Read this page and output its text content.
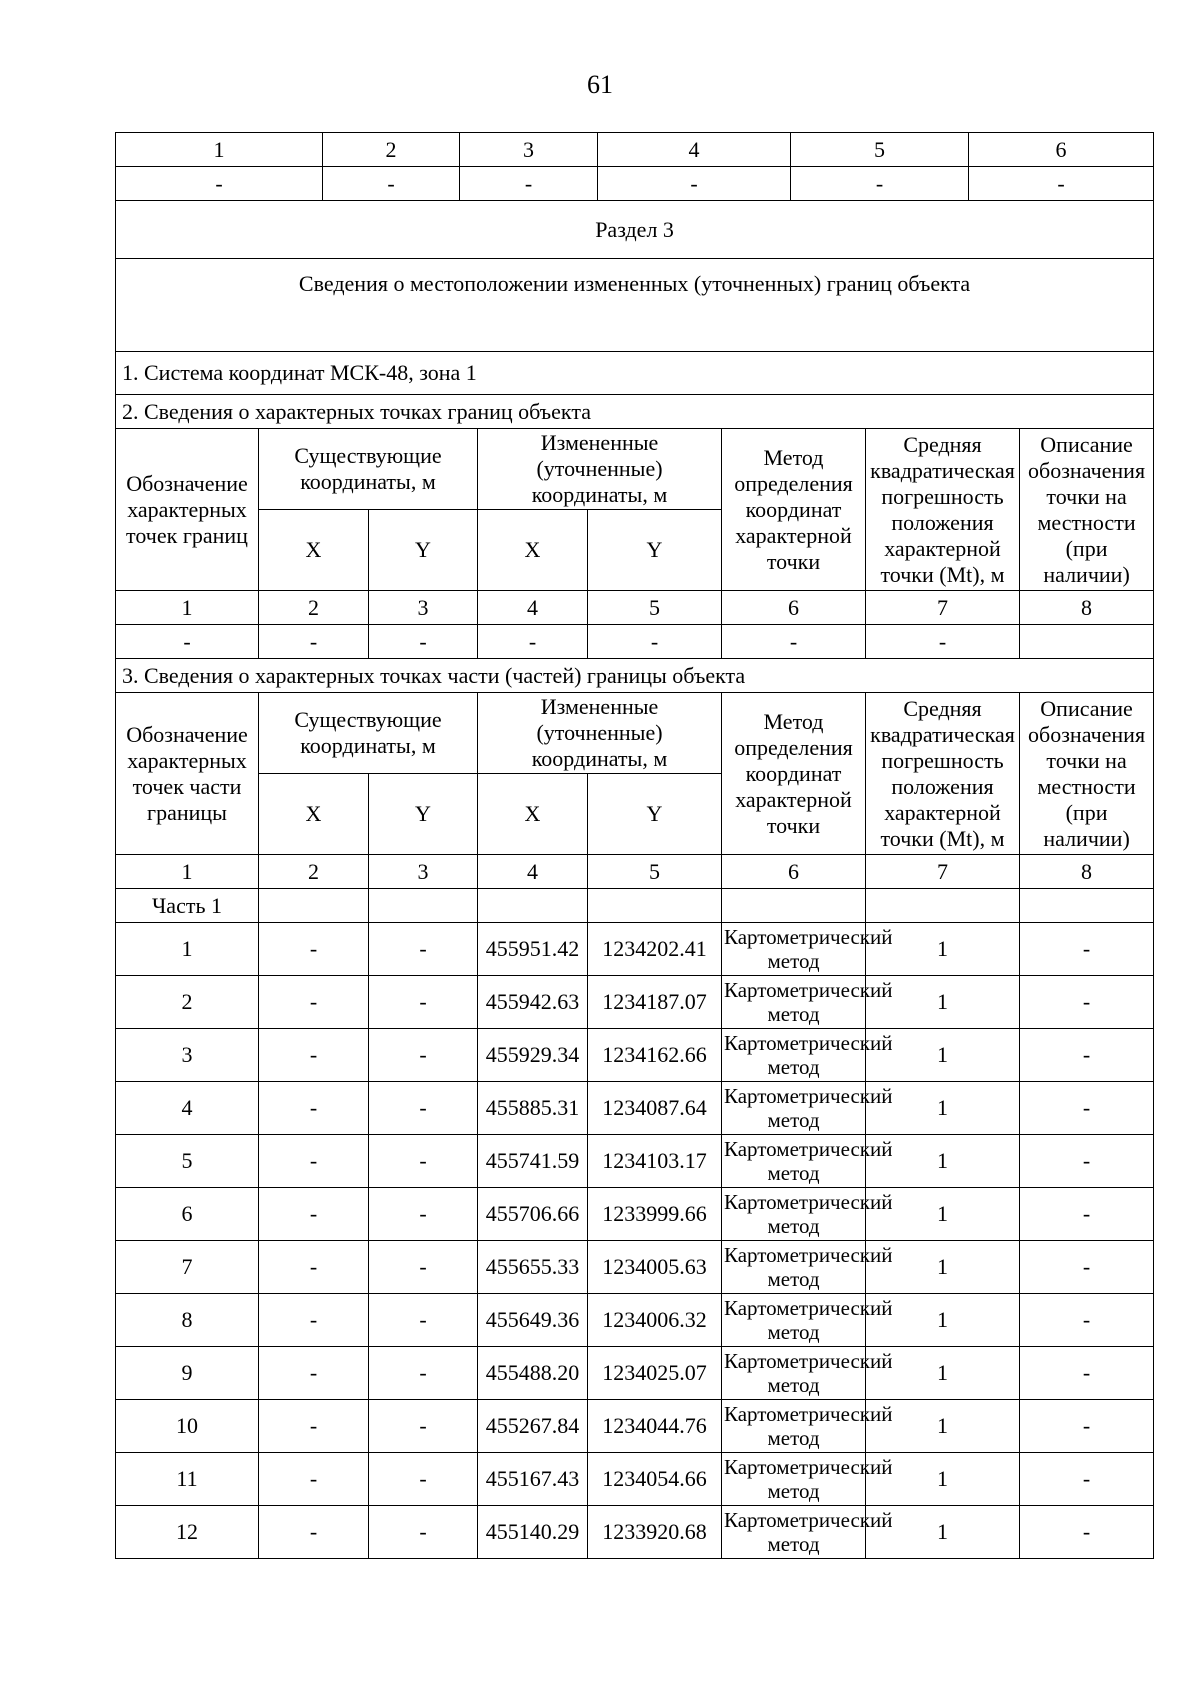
61
1	2	3	4	5	6
-	-	-	-	-	-
Раздел 3							
Сведения о местоположении измененных (уточненных) границ объекта							
1. Система координат МСК-48, зона 1							
2. Сведения о характерных точках границ объекта							
Обозначение характерных точек границ	Существующие координаты, м		Измененные (уточненные) координаты, м		Метод определения координат характерной точки	Средняя квадратическая погрешность положения характерной точки (Mt), м	Описание обозначения точки на местности (при наличии)
	X	Y	X	Y			
1	2	3	4	5	6	7	8
-	-	-	-	-	-	-	
3. Сведения о характерных точках части (частей) границы объекта							
Обозначение характерных точек части границы	Существующие координаты, м		Измененные (уточненные) координаты, м		Метод определения координат характерной точки	Средняя квадратическая погрешность положения характерной точки (Mt), м	Описание обозначения точки на местности (при наличии)
	X	Y	X	Y			
1	2	3	4	5	6	7	8
Часть 1							
1	-	-	455951.42	1234202.41	Картометрический метод	1	-
2	-	-	455942.63	1234187.07	Картометрический метод	1	-
3	-	-	455929.34	1234162.66	Картометрический метод	1	-
4	-	-	455885.31	1234087.64	Картометрический метод	1	-
5	-	-	455741.59	1234103.17	Картометрический метод	1	-
6	-	-	455706.66	1233999.66	Картометрический метод	1	-
7	-	-	455655.33	1234005.63	Картометрический метод	1	-
8	-	-	455649.36	1234006.32	Картометрический метод	1	-
9	-	-	455488.20	1234025.07	Картометрический метод	1	-
10	-	-	455267.84	1234044.76	Картометрический метод	1	-
11	-	-	455167.43	1234054.66	Картометрический метод	1	-
12	-	-	455140.29	1233920.68	Картометрический метод	1	-
